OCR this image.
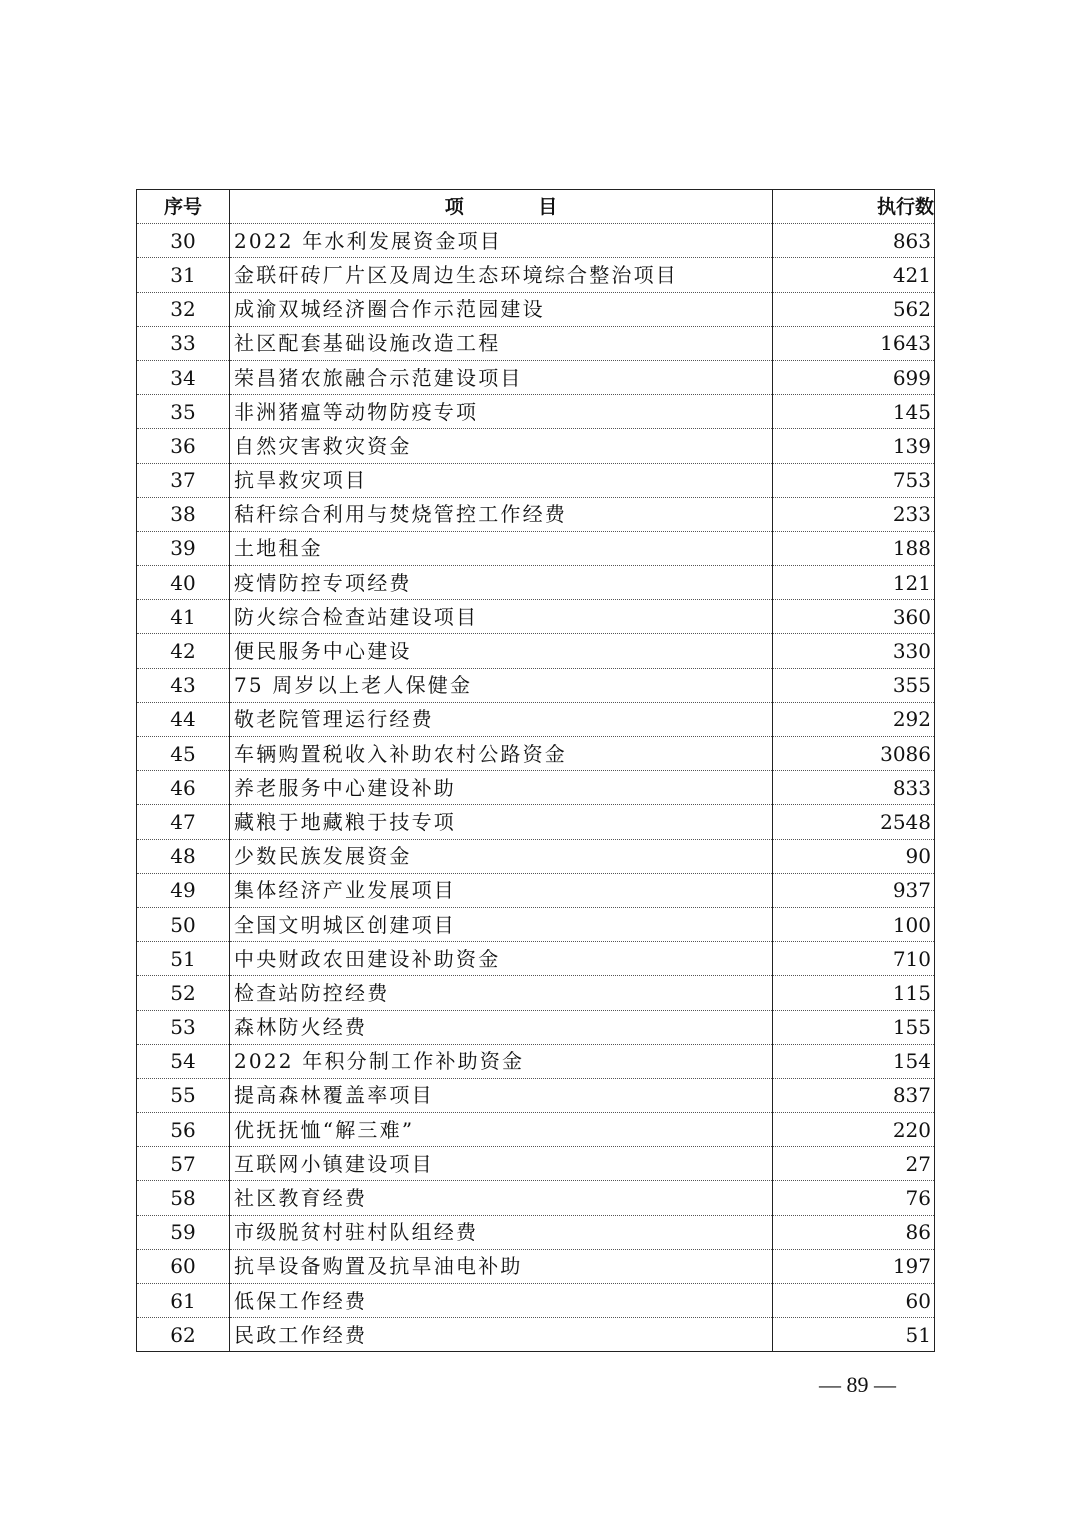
序号	项 目	执行数
30	2022 年水利发展资金项目	863
31	金联矸砖厂片区及周边生态环境综合整治项目	421
32	成渝双城经济圈合作示范园建设	562
33	社区配套基础设施改造工程	1643
34	荣昌猪农旅融合示范建设项目	699
35	非洲猪瘟等动物防疫专项	145
36	自然灾害救灾资金	139
37	抗旱救灾项目	753
38	秸秆综合利用与焚烧管控工作经费	233
39	土地租金	188
40	疫情防控专项经费	121
41	防火综合检查站建设项目	360
42	便民服务中心建设	330
43	75 周岁以上老人保健金	355
44	敬老院管理运行经费	292
45	车辆购置税收入补助农村公路资金	3086
46	养老服务中心建设补助	833
47	藏粮于地藏粮于技专项	2548
48	少数民族发展资金	90
49	集体经济产业发展项目	937
50	全国文明城区创建项目	100
51	中央财政农田建设补助资金	710
52	检查站防控经费	115
53	森林防火经费	155
54	2022 年积分制工作补助资金	154
55	提高森林覆盖率项目	837
56	优抚抚恤“解三难”	220
57	互联网小镇建设项目	27
58	社区教育经费	76
59	市级脱贫村驻村队组经费	86
60	抗旱设备购置及抗旱油电补助	197
61	低保工作经费	60
62	民政工作经费	51
— 89 —
